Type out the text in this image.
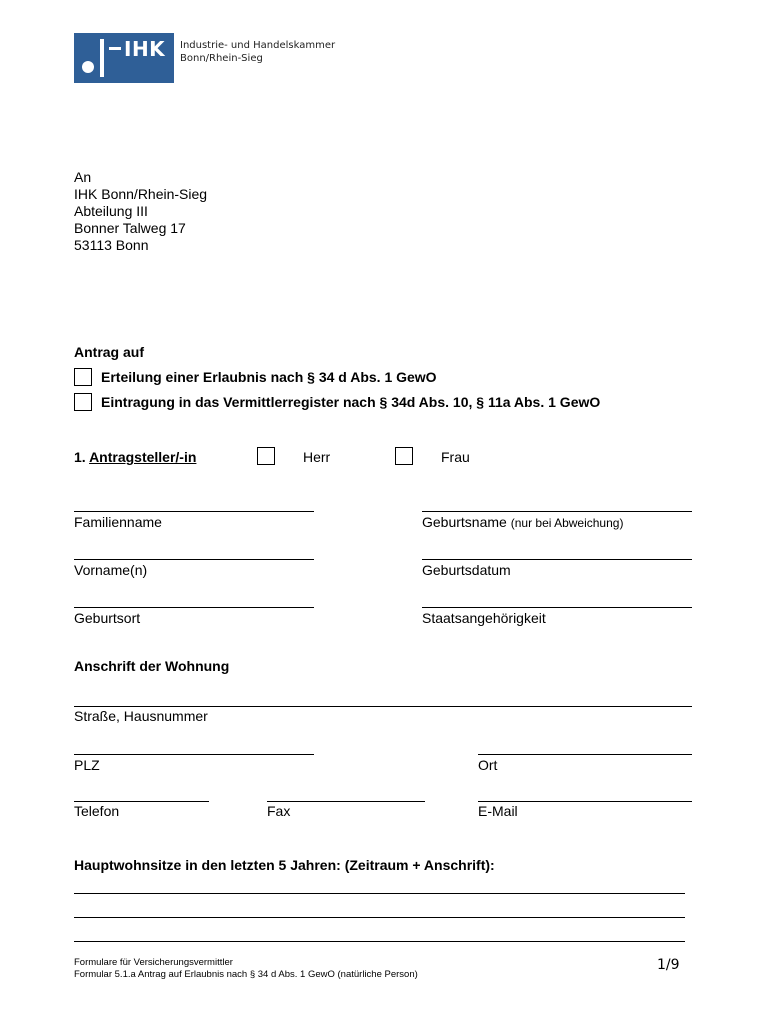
IHK Industrie- und Handelskammer
Bonn/Rhein-Sieg
An
IHK Bonn/Rhein-Sieg
Abteilung III
Bonner Talweg 17
53113 Bonn
Antrag auf
Erteilung einer Erlaubnis nach § 34 d Abs. 1 GewO
Eintragung in das Vermittlerregister nach § 34d Abs. 10, § 11a Abs. 1 GewO
1. Antragsteller/-in	Herr	Frau
Familienname	Geburtsname (nur bei Abweichung)
Vorname(n)	Geburtsdatum
Geburtsort	Staatsangehörigkeit
Anschrift der Wohnung
Straße, Hausnummer
PLZ	Ort
Telefon	Fax	E-Mail
Hauptwohnsitze in den letzten 5 Jahren: (Zeitraum + Anschrift):
Formulare für Versicherungsvermittler
Formular 5.1.a Antrag auf Erlaubnis nach § 34 d Abs. 1 GewO (natürliche Person)
1/9
